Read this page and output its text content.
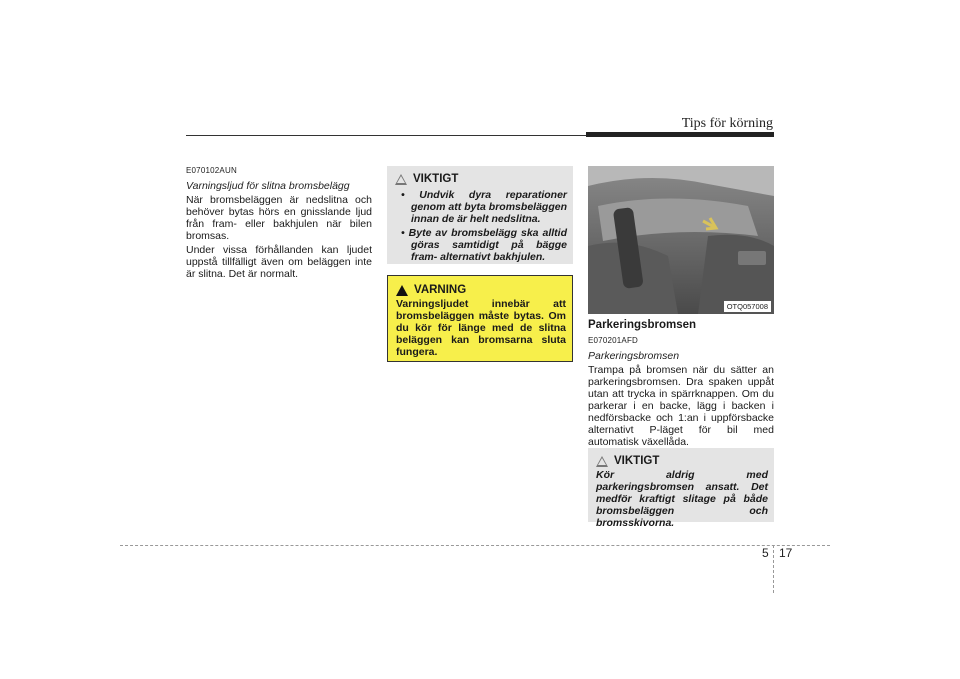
Tips för körning
E070102AUN
Varningsljud för slitna bromsbelägg

När bromsbeläggen är nedslitna och behöver bytas hörs en gnisslande ljud från fram- eller bakhjulen när bilen bromsas.

Under vissa förhållanden kan ljudet uppstå tillfälligt även om beläggen inte är slitna. Det är normalt.

VIKTIGT
• Undvik dyra reparationer genom att byta bromsbeläggen innan de är helt nedslitna.
• Byte av bromsbelägg ska alltid göras samtidigt på bägge fram- alternativt bakhjulen.
VARNING
Varningsljudet innebär att bromsbeläggen måste bytas. Om du kör för länge med de slitna beläggen kan bromsarna sluta fungera.
OTQ057008
Parkeringsbromsen
E070201AFD
Parkeringsbromsen

Trampa på bromsen när du sätter an parkeringsbromsen. Dra spaken uppåt utan att trycka in spärrknappen. Om du parkerar i en backe, lägg i backen i nedförsbacke och 1:an i uppförsbacke alternativt P-läget för bil med automatisk växellåda.

VIKTIGT
Kör aldrig med parkeringsbromsen ansatt. Det medför kraftigt slitage på både bromsbeläggen och bromsskivorna.
5 17
